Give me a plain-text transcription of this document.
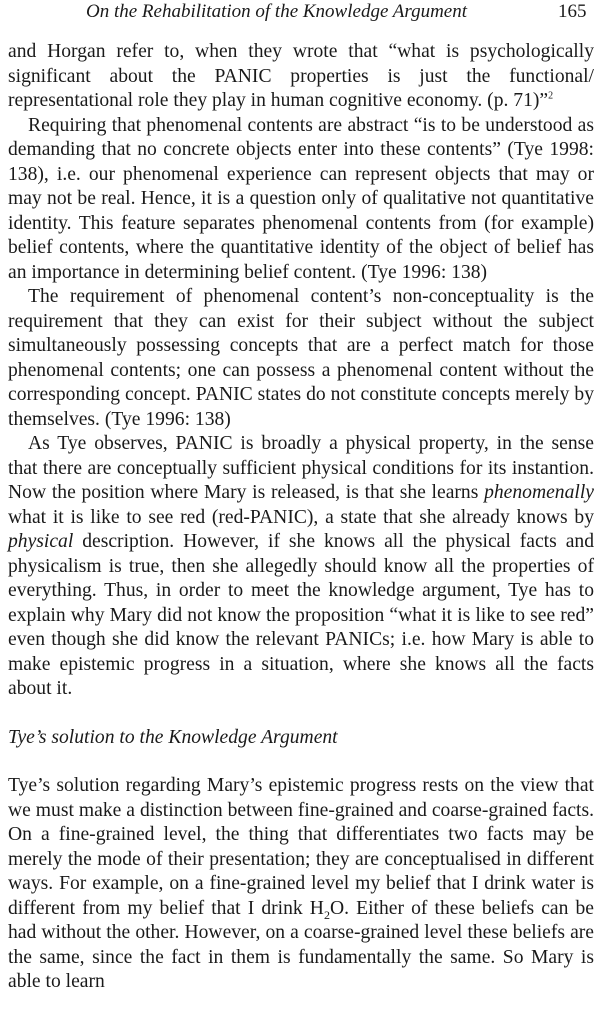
On the Rehabilitation of the Knowledge Argument	165

and Horgan refer to, when they wrote that “what is psychologically significant about the PANIC properties is just the functional/ representational role they play in human cognitive economy. (p. 71)”$^2$

Requiring that phenomenal contents are abstract “is to be understood as demanding that no concrete objects enter into these contents” (Tye 1998: 138), i.e. our phenomenal experience can represent objects that may or may not be real. Hence, it is a question only of qualitative not quantitative identity. This feature separates phenomenal contents from (for example) belief contents, where the quantitative identity of the object of belief has an importance in determining belief content. (Tye 1996: 138)

The requirement of phenomenal content’s non-conceptuality is the requirement that they can exist for their subject without the subject simultaneously possessing concepts that are a perfect match for those phenomenal contents; one can possess a phenomenal content without the corresponding concept. PANIC states do not constitute concepts merely by themselves. (Tye 1996: 138)

As Tye observes, PANIC is broadly a physical property, in the sense that there are conceptually sufficient physical conditions for its instantion. Now the position where Mary is released, is that she learns phenomenally what it is like to see red (red-PANIC), a state that she already knows by physical description. However, if she knows all the physical facts and physicalism is true, then she allegedly should know all the properties of everything. Thus, in order to meet the knowledge argument, Tye has to explain why Mary did not know the proposition “what it is like to see red” even though she did know the relevant PANICs; i.e. how Mary is able to make epistemic progress in a situation, where she knows all the facts about it.

Tye’s solution to the Knowledge Argument

Tye’s solution regarding Mary’s epistemic progress rests on the view that we must make a distinction between fine-grained and coarse-grained facts. On a fine-grained level, the thing that differentiates two facts may be merely the mode of their presentation; they are conceptualised in different ways. For example, on a fine-grained level my belief that I drink water is different from my belief that I drink $H_2O$. Either of these beliefs can be had without the other. However, on a coarse-grained level these beliefs are the same, since the fact in them is fundamentally the same. So Mary is able to learn
